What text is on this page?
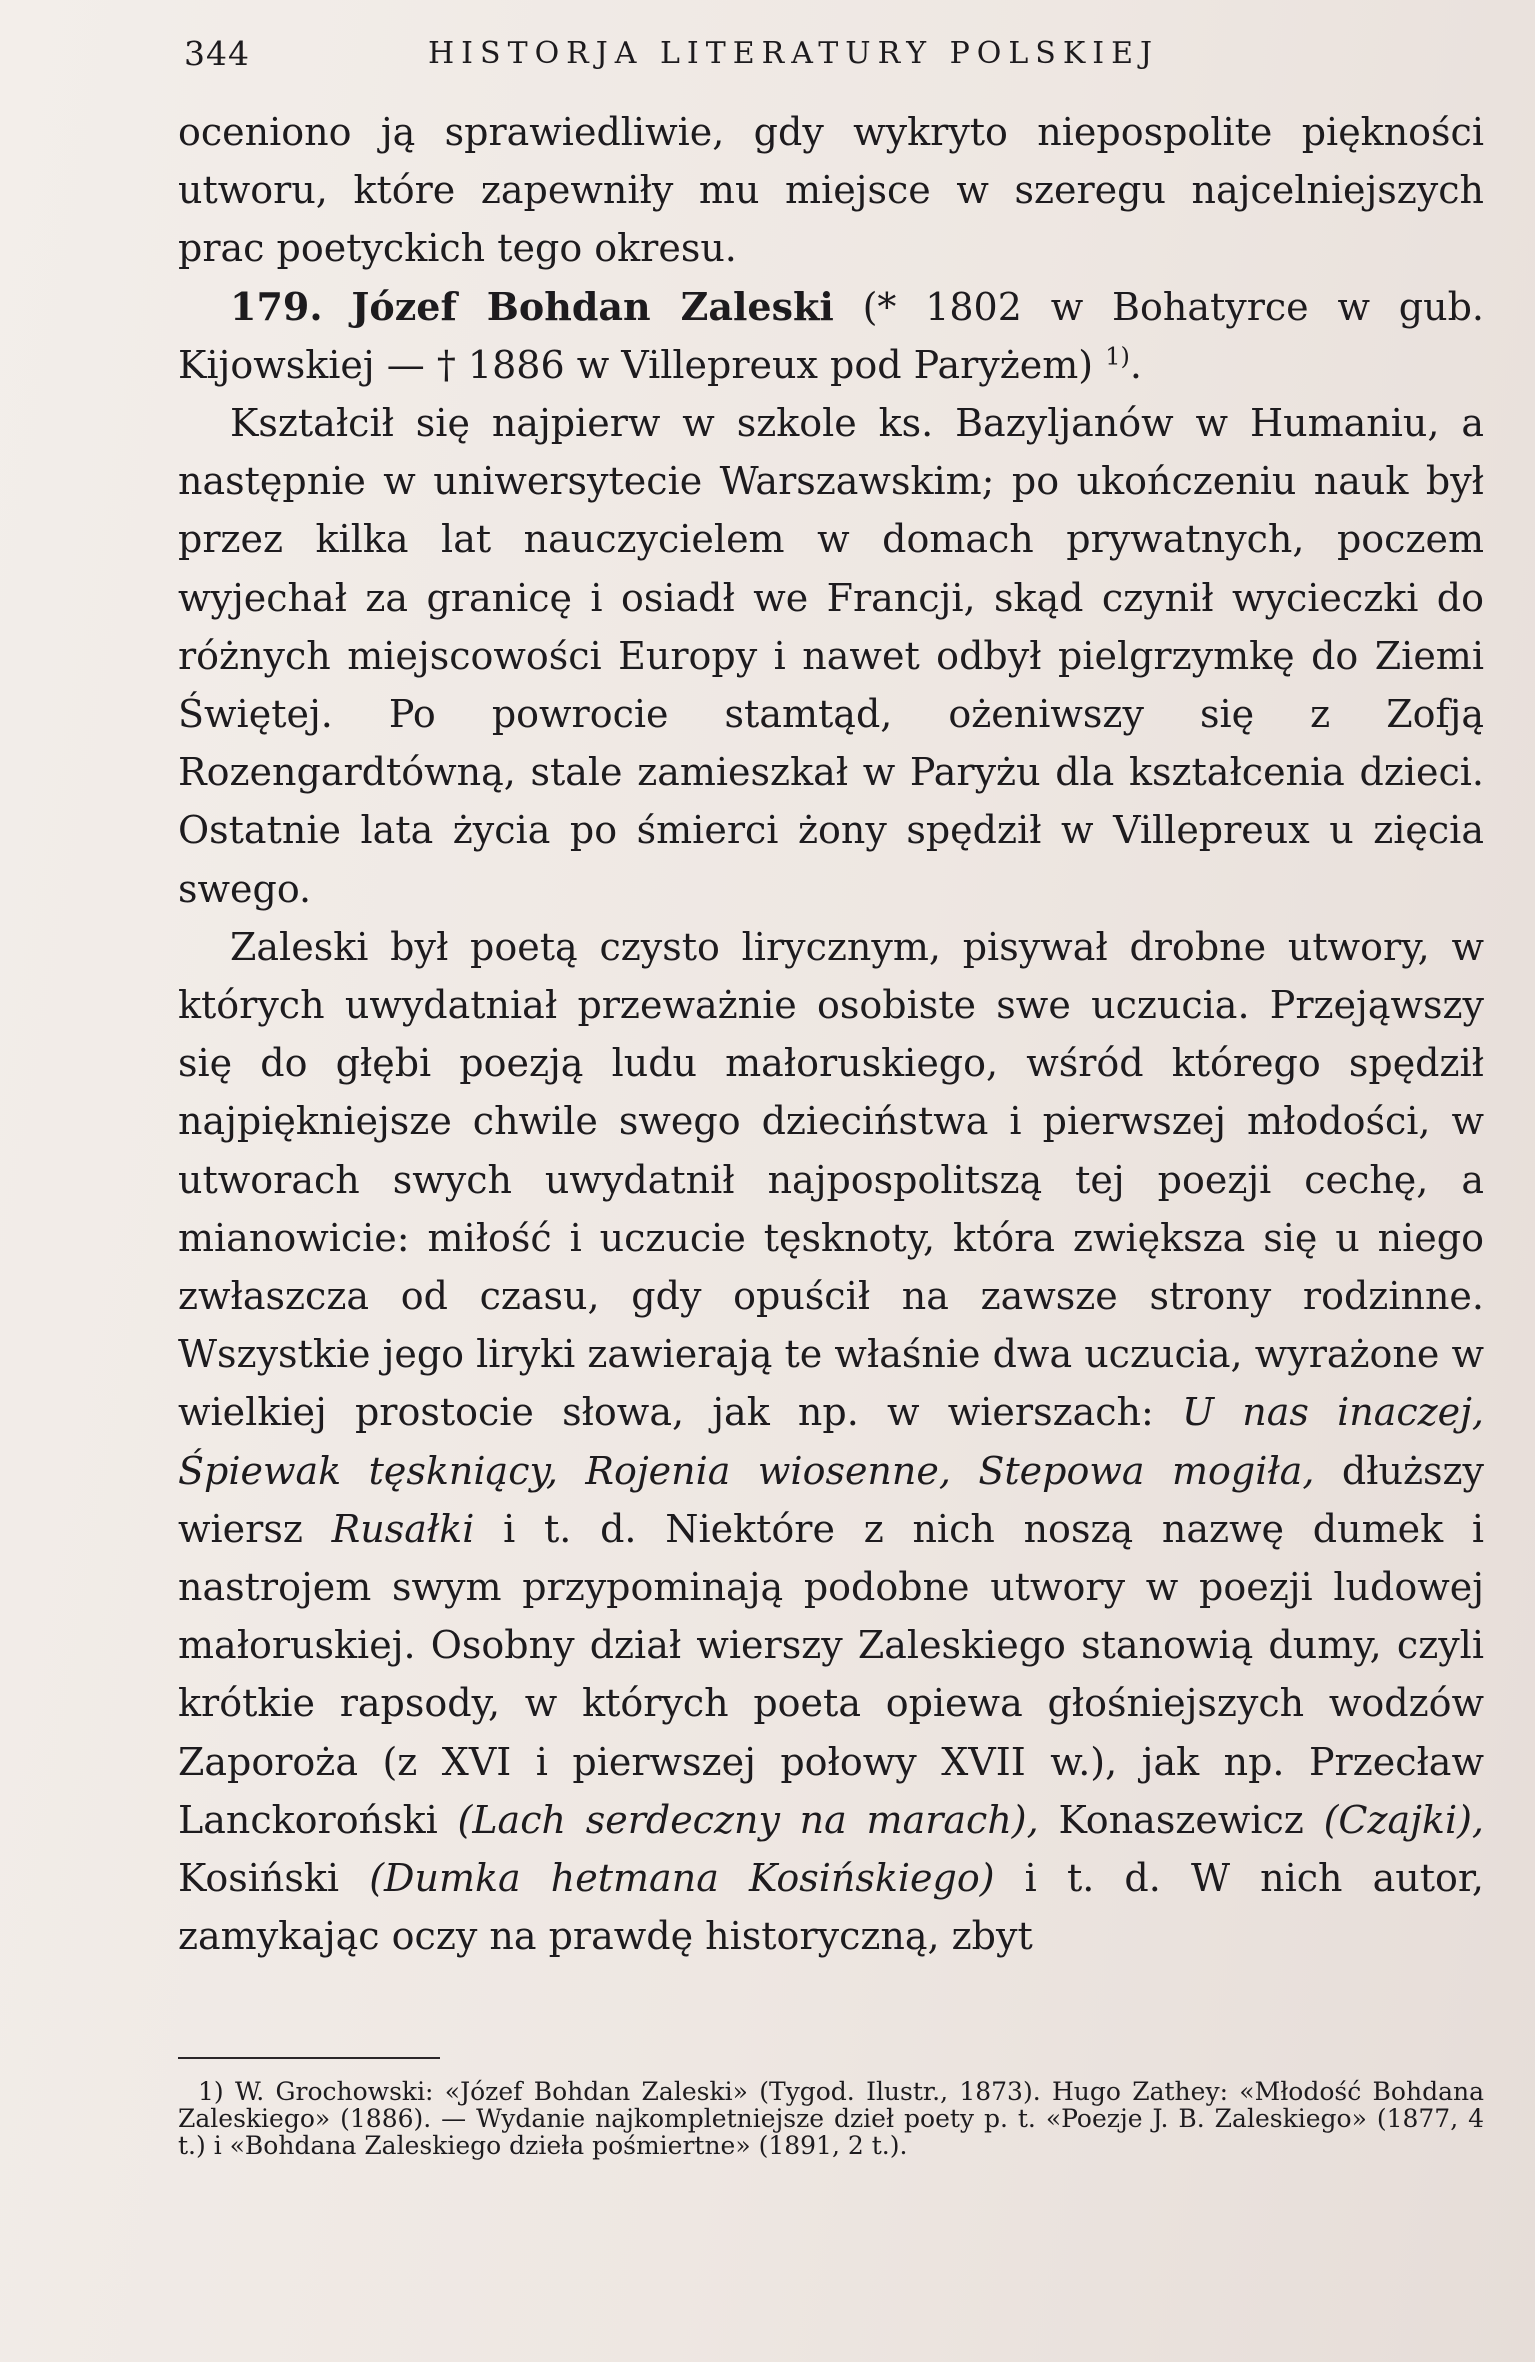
344	HISTORJA LITERATURY POLSKIEJ

oceniono ją sprawiedliwie, gdy wykryto niepospolite piękności utworu, które zapewniły mu miejsce w szeregu najcelniejszych prac poetyckich tego okresu.

179. Józef Bohdan Zaleski (* 1802 w Bohatyrce w gub. Kijowskiej — † 1886 w Villepreux pod Paryżem) $^{1)}$.

Kształcił się najpierw w szkole ks. Bazyljanów w Humaniu, a następnie w uniwersytecie Warszawskim; po ukończeniu nauk był przez kilka lat nauczycielem w domach prywatnych, poczem wyjechał za granicę i osiadł we Francji, skąd czynił wycieczki do różnych miejscowości Europy i nawet odbył pielgrzymkę do Ziemi Świętej. Po powrocie stamtąd, ożeniwszy się z Zofją Rozengardtówną, stale zamieszkał w Paryżu dla kształcenia dzieci. Ostatnie lata życia po śmierci żony spędził w Villepreux u zięcia swego.

Zaleski był poetą czysto lirycznym, pisywał drobne utwory, w których uwydatniał przeważnie osobiste swe uczucia. Przejąwszy się do głębi poezją ludu małoruskiego, wśród którego spędził najpiękniejsze chwile swego dzieciństwa i pierwszej młodości, w utworach swych uwydatnił najpospolitszą tej poezji cechę, a mianowicie: miłość i uczucie tęsknoty, która zwiększa się u niego zwłaszcza od czasu, gdy opuścił na zawsze strony rodzinne. Wszystkie jego liryki zawierają te właśnie dwa uczucia, wyrażone w wielkiej prostocie słowa, jak np. w wierszach: U nas inaczej, Śpiewak tęskniący, Rojenia wiosenne, Stepowa mogiła, dłuższy wiersz Rusałki i t. d. Niektóre z nich noszą nazwę dumek i nastrojem swym przypominają podobne utwory w poezji ludowej małoruskiej. Osobny dział wierszy Zaleskiego stanowią dumy, czyli krótkie rapsody, w których poeta opiewa głośniejszych wodzów Zaporoża (z XVI i pierwszej połowy XVII w.), jak np. Przecław Lanckoroński (Lach serdeczny na marach), Konaszewicz (Czajki), Kosiński (Dumka hetmana Kosińskiego) i t. d. W nich autor, zamykając oczy na prawdę historyczną, zbyt

1) W. Grochowski: «Józef Bohdan Zaleski» (Tygod. Ilustr., 1873). Hugo Zathey: «Młodość Bohdana Zaleskiego» (1886). — Wydanie najkompletniejsze dzieł poety p. t. «Poezje J. B. Zaleskiego» (1877, 4 t.) i «Bohdana Zaleskiego dzieła pośmiertne» (1891, 2 t.).
